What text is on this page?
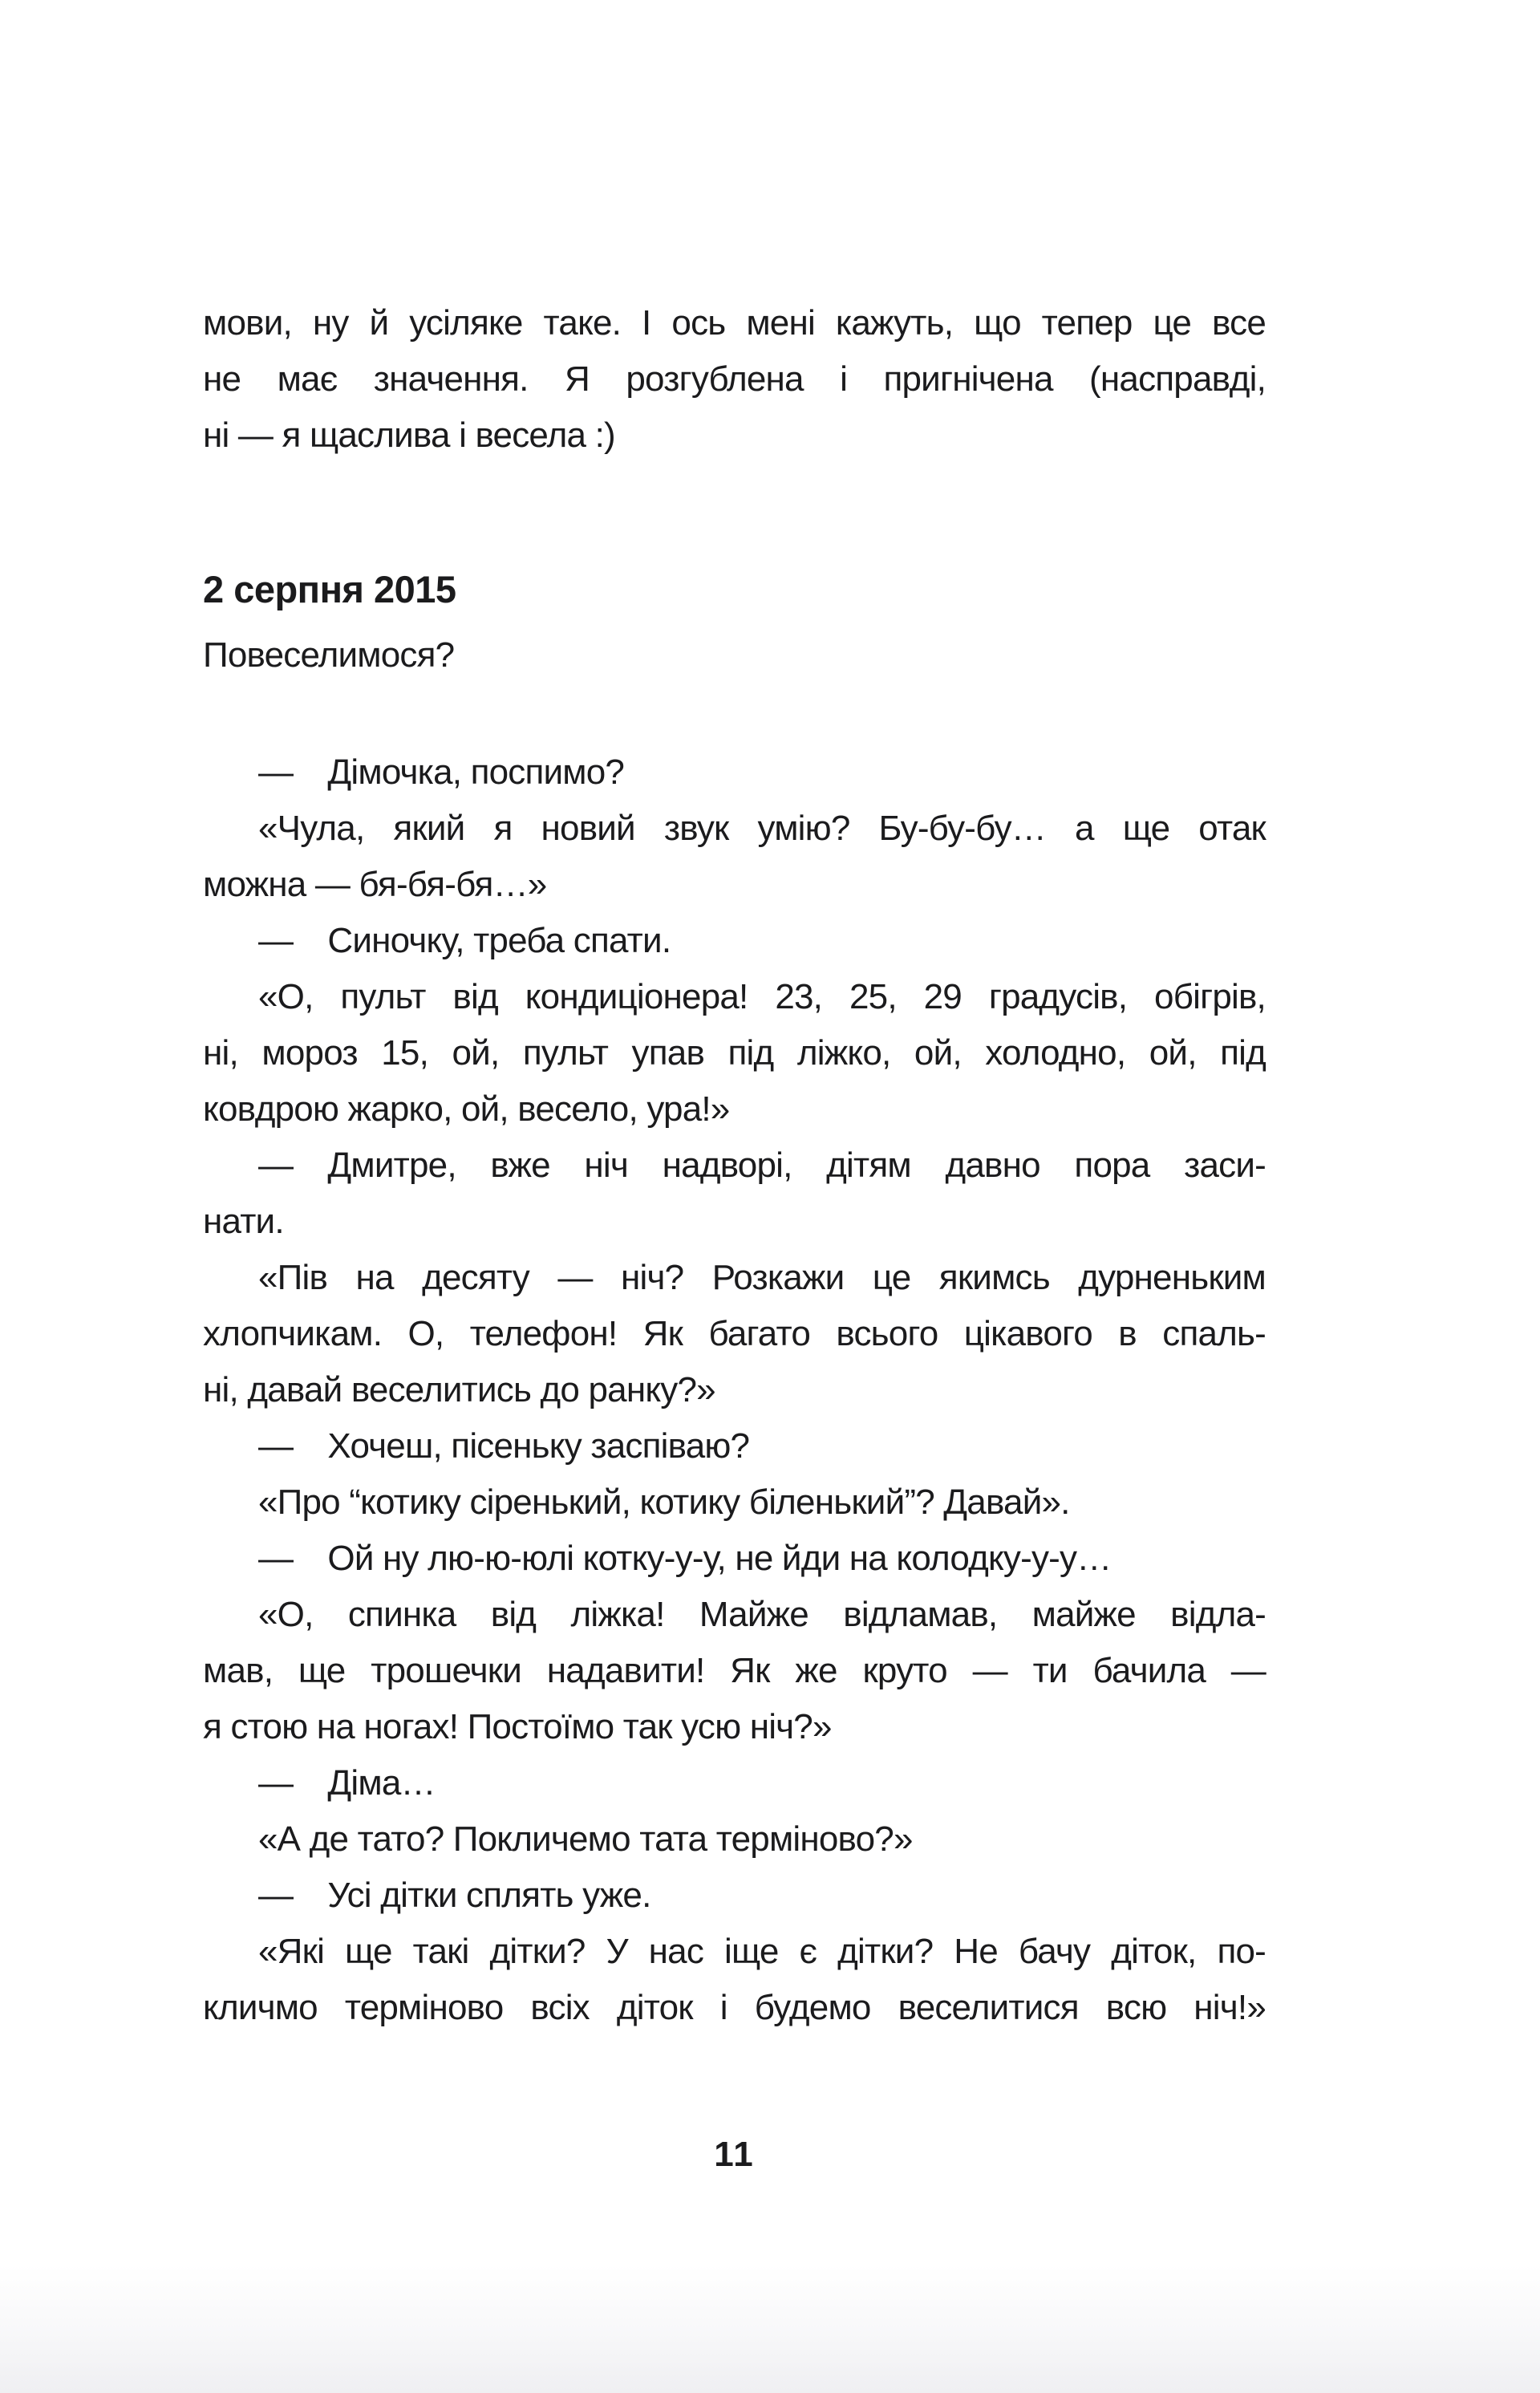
мови, ну й усіляке таке. І ось мені кажуть, що тепер це все
не має значення. Я розгублена і пригнічена (насправді,
ні — я щаслива і весела :)
2 серпня 2015
Повеселимося?
— Дімочка, поспимо?
«Чула, який я новий звук умію? Бу-бу-бу… а ще отак
можна — бя-бя-бя…»
— Синочку, треба спати.
«О, пульт від кондиціонера! 23, 25, 29 градусів, обігрів,
ні, мороз 15, ой, пульт упав під ліжко, ой, холодно, ой, під
ковдрою жарко, ой, весело, ура!»
— Дмитре, вже ніч надворі, дітям давно пора заси-
нати.
«Пів на десяту — ніч? Розкажи це якимсь дурненьким
хлопчикам. О, телефон! Як багато всього цікавого в спаль-
ні, давай веселитись до ранку?»
— Хочеш, пісеньку заспіваю?
«Про “котику сіренький, котику біленький”? Давай».
— Ой ну лю-ю-юлі котку-у-у, не йди на колодку-у-у…
«О, спинка від ліжка! Майже відламав, майже відла-
мав, ще трошечки надавити! Як же круто — ти бачила —
я стою на ногах! Постоїмо так усю ніч?»
— Діма…
«А де тато? Покличемо тата терміново?»
— Усі дітки сплять уже.
«Які ще такі дітки? У нас іще є дітки? Не бачу діток, по-
кличмо терміново всіх діток і будемо веселитися всю ніч!»
11
